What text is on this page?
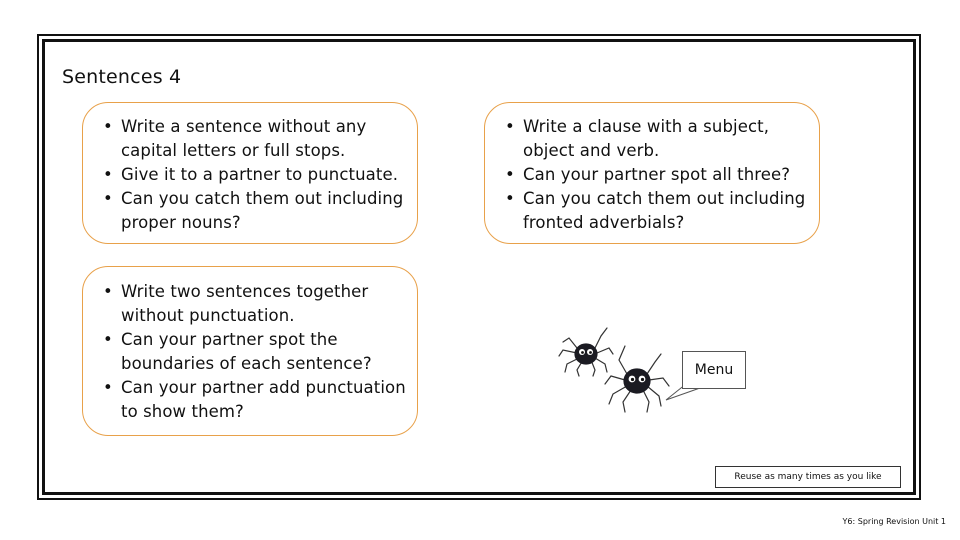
Sentences 4
• Write a sentence without any capital letters or full stops.
• Give it to a partner to punctuate.
• Can you catch them out including proper nouns?
• Write a clause with a subject, object and verb.
• Can your partner spot all three?
• Can you catch them out including fronted adverbials?
• Write two sentences together without punctuation.
• Can your partner spot the boundaries of each sentence?
• Can your partner add punctuation to show them?
Menu
Reuse as many times as you like
Y6: Spring Revision Unit 1
